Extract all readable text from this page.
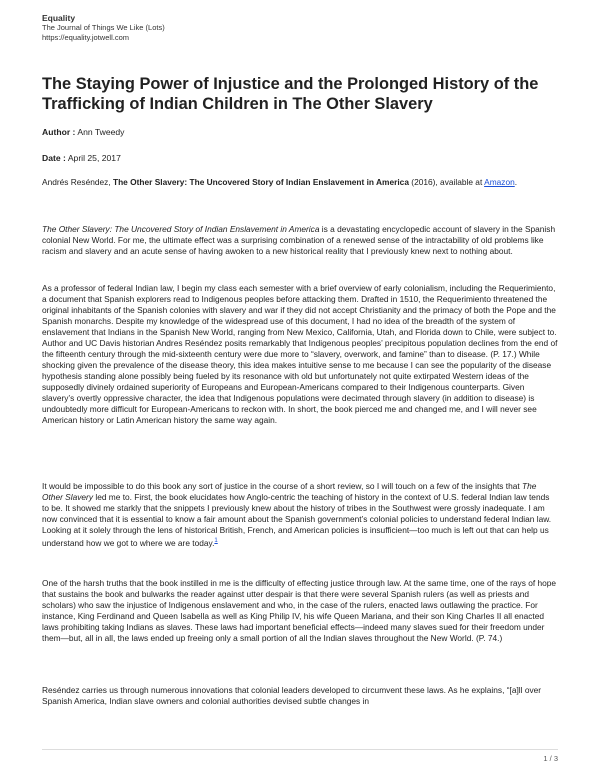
Equality
The Journal of Things We Like (Lots)
https://equality.jotwell.com
The Staying Power of Injustice and the Prolonged History of the Trafficking of Indian Children in The Other Slavery
Author : Ann Tweedy
Date : April 25, 2017

Andrés Reséndez, The Other Slavery: The Uncovered Story of Indian Enslavement in America (2016), available at Amazon.

The Other Slavery: The Uncovered Story of Indian Enslavement in America is a devastating encyclopedic account of slavery in the Spanish colonial New World. For me, the ultimate effect was a surprising combination of a renewed sense of the intractability of old problems like racism and slavery and an acute sense of having awoken to a new historical reality that I previously knew next to nothing about.

As a professor of federal Indian law, I begin my class each semester with a brief overview of early colonialism, including the Requerimiento, a document that Spanish explorers read to Indigenous peoples before attacking them. Drafted in 1510, the Requerimiento threatened the original inhabitants of the Spanish colonies with slavery and war if they did not accept Christianity and the primacy of both the Pope and the Spanish monarchs. Despite my knowledge of the widespread use of this document, I had no idea of the breadth of the system of enslavement that Indians in the Spanish New World, ranging from New Mexico, California, Utah, and Florida down to Chile, were subject to. Author and UC Davis historian Andres Reséndez posits remarkably that Indigenous peoples’ precipitous population declines from the end of the fifteenth century through the mid-sixteenth century were due more to “slavery, overwork, and famine” than to disease. (P. 17.) While shocking given the prevalence of the disease theory, this idea makes intuitive sense to me because I can see the popularity of the disease hypothesis standing alone possibly being fueled by its resonance with old but unfortunately not quite extirpated Western ideas of the supposedly divinely ordained superiority of Europeans and European-Americans compared to their Indigenous counterparts. Given slavery’s overtly oppressive character, the idea that Indigenous populations were decimated through slavery (in addition to disease) is undoubtedly more difficult for European-Americans to reckon with. In short, the book pierced me and changed me, and I will never see American history or Latin American history the same way again.

It would be impossible to do this book any sort of justice in the course of a short review, so I will touch on a few of the insights that The Other Slavery led me to. First, the book elucidates how Anglo-centric the teaching of history in the context of U.S. federal Indian law tends to be. It showed me starkly that the snippets I previously knew about the history of tribes in the Southwest were grossly inadequate. I am now convinced that it is essential to know a fair amount about the Spanish government’s colonial policies to understand federal Indian law. Looking at it solely through the lens of historical British, French, and American policies is insufficient—too much is left out that can help us understand how we got to where we are today.$^1$

One of the harsh truths that the book instilled in me is the difficulty of effecting justice through law. At the same time, one of the rays of hope that sustains the book and bulwarks the reader against utter despair is that there were several Spanish rulers (as well as priests and scholars) who saw the injustice of Indigenous enslavement and who, in the case of the rulers, enacted laws outlawing the practice. For instance, King Ferdinand and Queen Isabella as well as King Philip IV, his wife Queen Mariana, and their son King Charles II all enacted laws prohibiting taking Indians as slaves. These laws had important beneficial effects—indeed many slaves sued for their freedom under them—but, all in all, the laws ended up freeing only a small portion of all the Indian slaves throughout the New World. (P. 74.)

Reséndez carries us through numerous innovations that colonial leaders developed to circumvent these laws. As he explains, “[a]ll over Spanish America, Indian slave owners and colonial authorities devised subtle changes in

1 / 3
